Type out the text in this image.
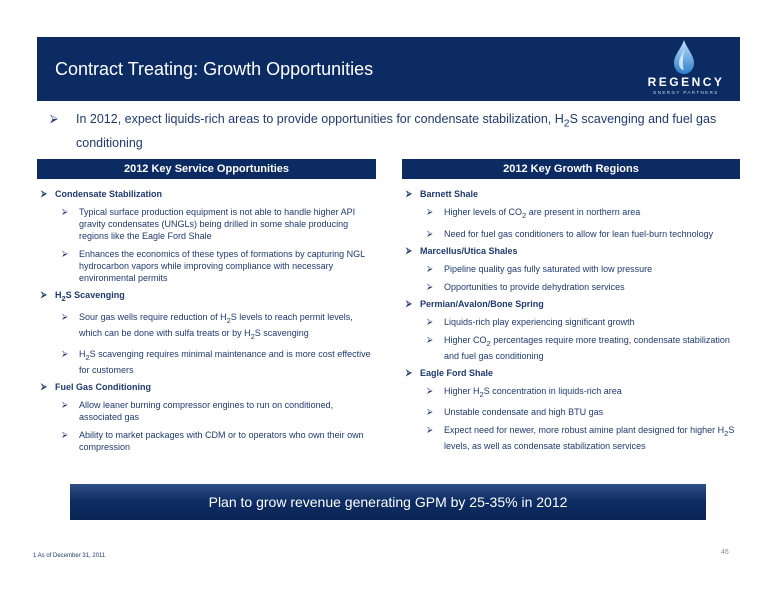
Contract Treating: Growth Opportunities
REGENCY
ENERGY PARTNERS
⮚ In 2012, expect liquids-rich areas to provide opportunities for condensate stabilization, $H_2S$ scavenging and fuel gas conditioning
2012 Key Service Opportunities	2012 Key Growth Regions
⮚ Condensate Stabilization
⮚ Typical surface production equipment is not able to handle higher API gravity condensates (UNGLs) being drilled in some shale producing regions like the Eagle Ford Shale
⮚ Enhances the economics of these types of formations by capturing NGL hydrocarbon vapors while improving compliance with necessary environmental permits
⮚ $H_2S$ Scavenging
⮚ Sour gas wells require reduction of $H_2S$ levels to reach permit levels, which can be done with sulfa treats or by $H_2S$ scavenging
⮚ $H_2S$ scavenging requires minimal maintenance and is more cost effective for customers
⮚ Fuel Gas Conditioning
⮚ Allow leaner burning compressor engines to run on conditioned, associated gas
⮚ Ability to market packages with CDM or to operators who own their own compression
⮚ Barnett Shale
⮚ Higher levels of $CO_2$ are present in northern area
⮚ Need for fuel gas conditioners to allow for lean fuel-burn technology
⮚ Marcellus/Utica Shales
⮚ Pipeline quality gas fully saturated with low pressure
⮚ Opportunities to provide dehydration services
⮚ Permian/Avalon/Bone Spring
⮚ Liquids-rich play experiencing significant growth
⮚ Higher $CO_2$ percentages require more treating, condensate stabilization and fuel gas conditioning
⮚ Eagle Ford Shale
⮚ Higher $H_2S$ concentration in liquids-rich area
⮚ Unstable condensate and high BTU gas
⮚ Expect need for newer, more robust amine plant designed for higher $H_2S$ levels, as well as condensate stabilization services
Plan to grow revenue generating GPM by 25-35% in 2012
1 As of December 31, 2011	46
